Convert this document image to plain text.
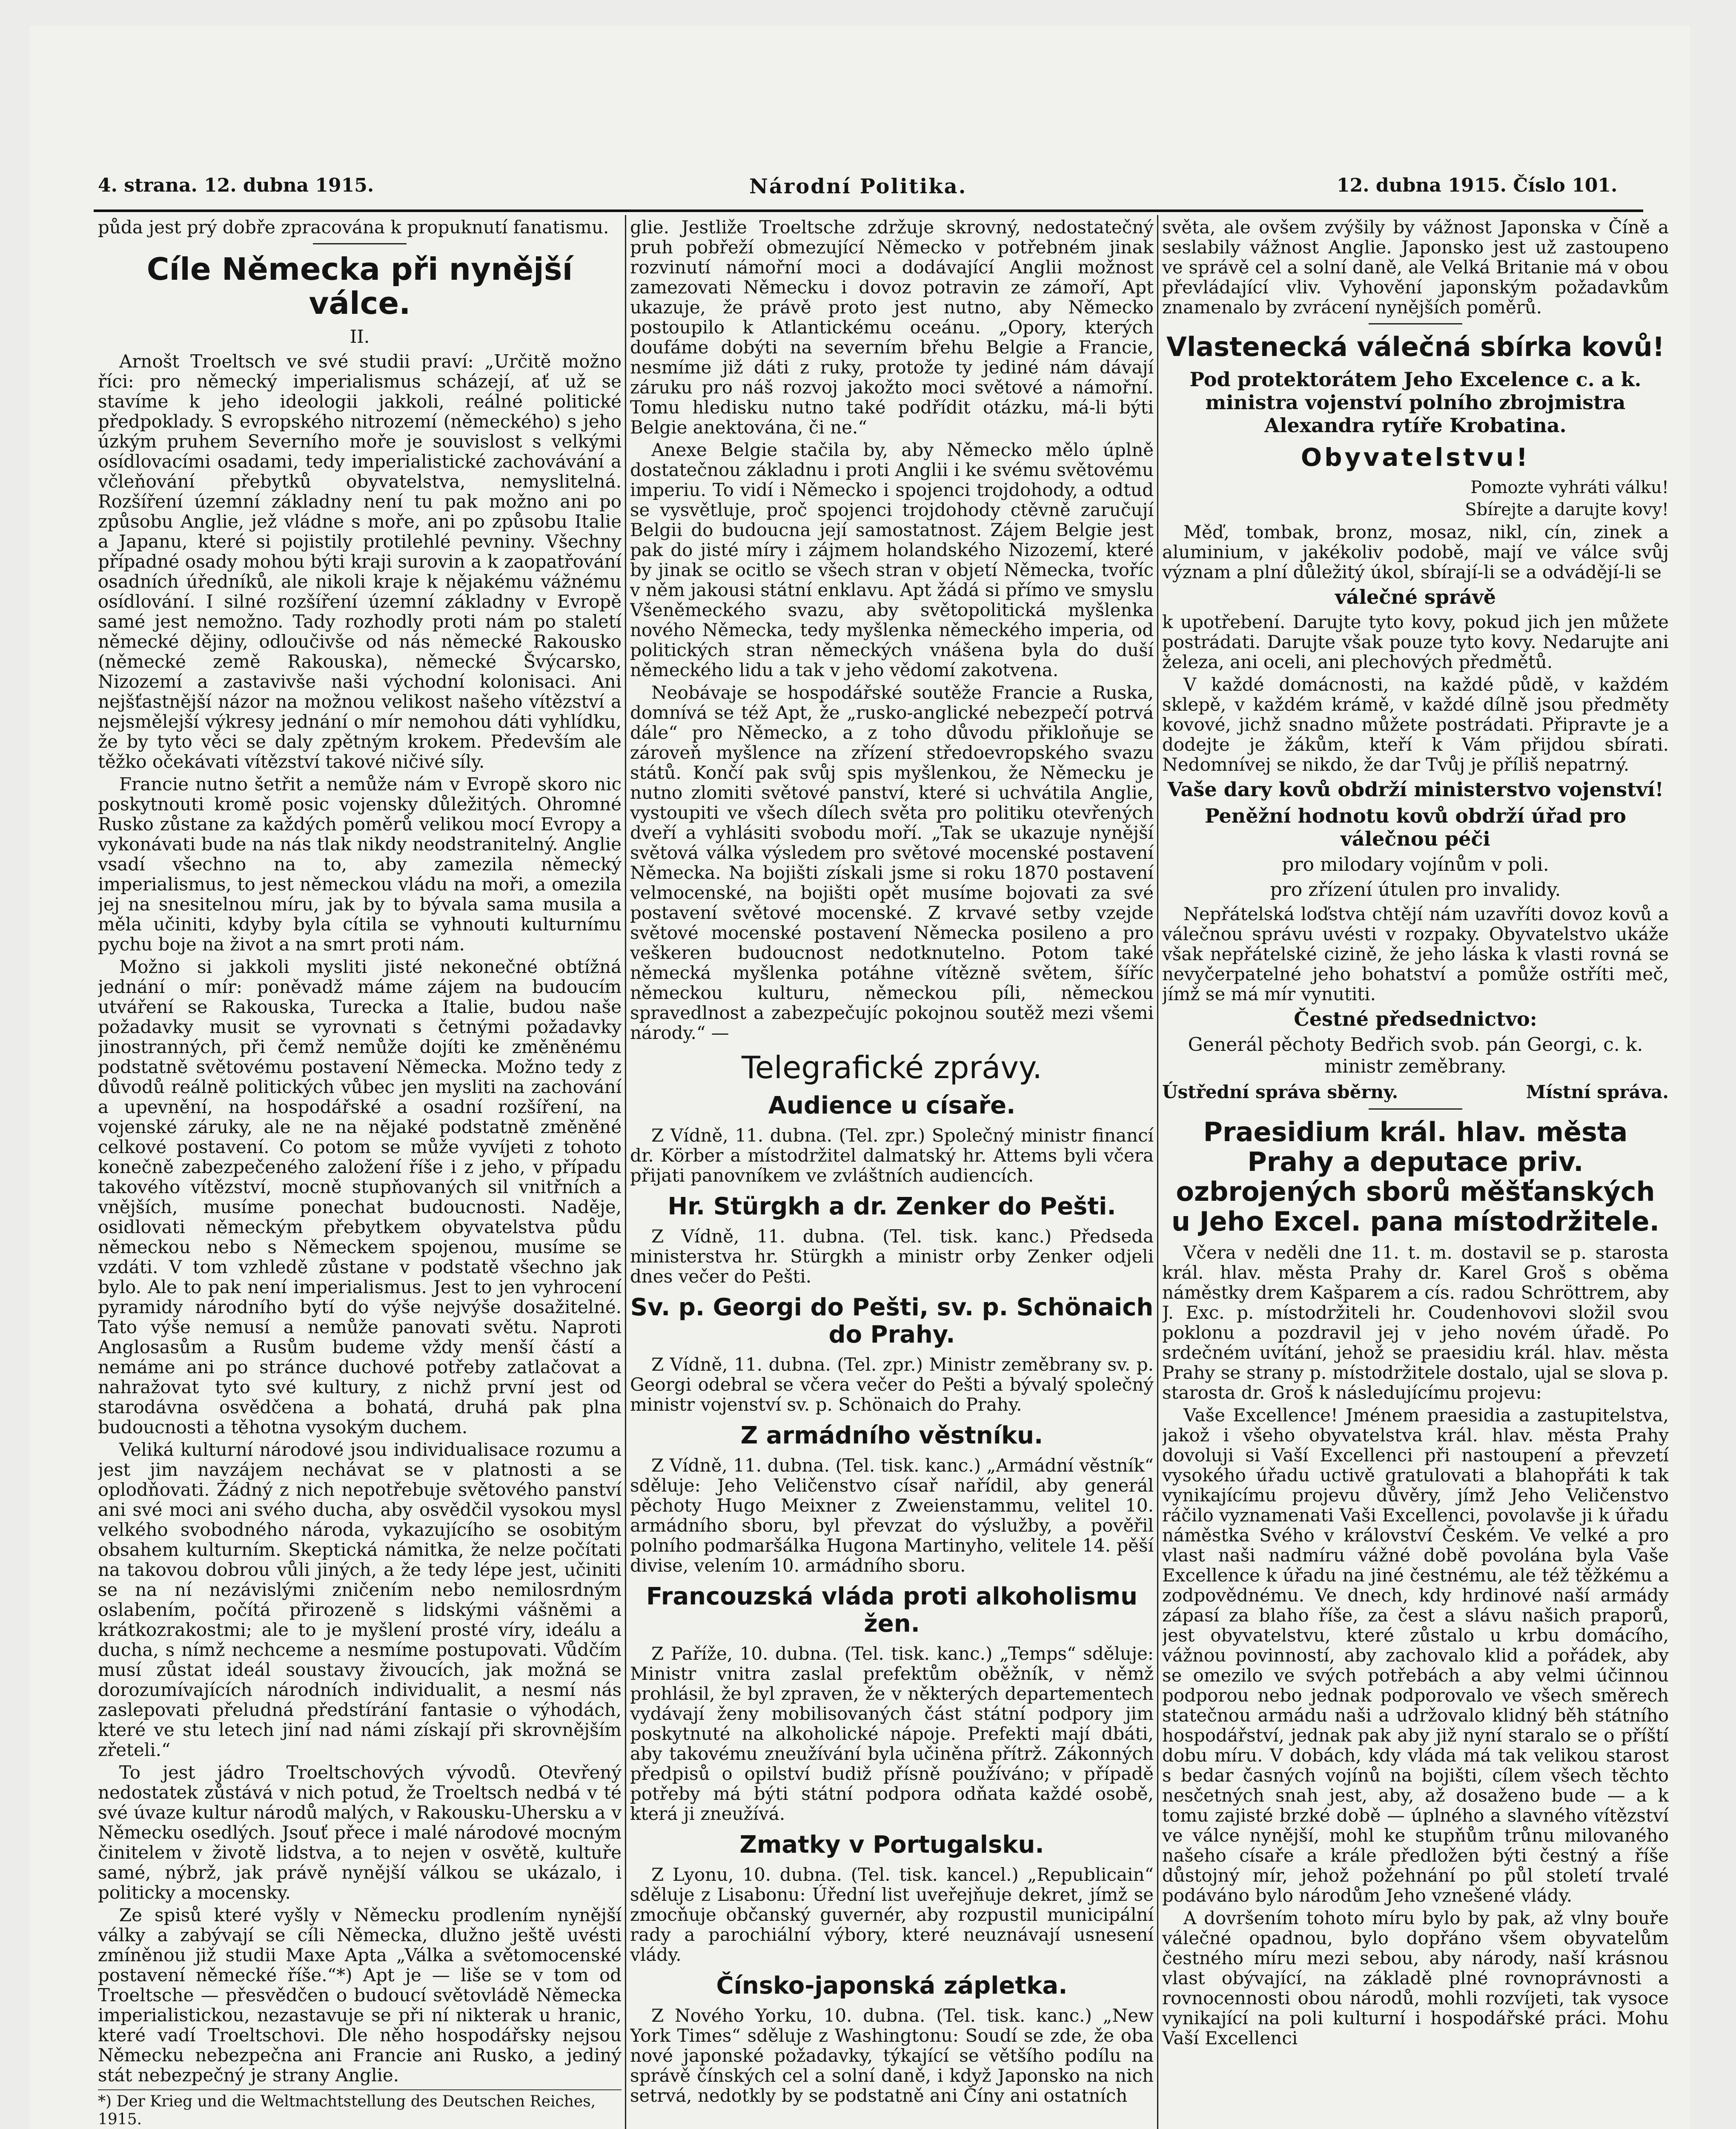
4. strana. 12. dubna 1915.	Národní Politika.	12. dubna 1915. Číslo 101.

půda jest prý dobře zpracována k propuknutí fanatismu.

Cíle Německa při nynější válce.
II.

Arnošt Troeltsch ve své studii praví: „Určitě možno říci: pro německý imperialismus scházejí, ať už se stavíme k jeho ideologii jakkoli, reálné politické předpoklady. S evropského nitrozemí (německého) s jeho úzkým pruhem Severního moře je souvislost s velkými osídlovacími osadami, tedy imperialistické zachovávání a včleňování přebytků obyvatelstva, nemyslitelná. Rozšíření územní základny není tu pak možno ani po způsobu Anglie, jež vládne s moře, ani po způsobu Italie a Japanu, které si pojistily protilehlé pevniny. Všechny případné osady mohou býti kraji surovin a k zaopatřování osadních úředníků, ale nikoli kraje k nějakému vážnému osídlování. I silné rozšíření územní základny v Evropě samé jest nemožno. Tady rozhodly proti nám po staletí německé dějiny, odloučivše od nás německé Rakousko (německé země Rakouska), německé Švýcarsko, Nizozemí a zastavivše naši východní kolonisaci. Ani nejšťastnější názor na možnou velikost našeho vítězství a nejsmělejší výkresy jednání o mír nemohou dáti vyhlídku, že by tyto věci se daly zpětným krokem. Především ale těžko očekávati vítězství takové ničivé síly.

Francie nutno šetřit a nemůže nám v Evropě skoro nic poskytnouti kromě posic vojensky důležitých. Ohromné Rusko zůstane za každých poměrů velikou mocí Evropy a vykonávati bude na nás tlak nikdy neodstranitelný. Anglie vsadí všechno na to, aby zamezila německý imperialismus, to jest německou vládu na moři, a omezila jej na snesitelnou míru, jak by to bývala sama musila a měla učiniti, kdyby byla cítila se vyhnouti kulturnímu pychu boje na život a na smrt proti nám.

Možno si jakkoli mysliti jisté nekonečné obtížná jednání o mír: poněvadž máme zájem na budoucím utváření se Rakouska, Turecka a Italie, budou naše požadavky musit se vyrovnati s četnými požadavky jinostranných, při čemž nemůže dojíti ke změněnému podstatně světovému postavení Německa. Možno tedy z důvodů reálně politických vůbec jen mysliti na zachování a upevnění, na hospodářské a osadní rozšíření, na vojenské záruky, ale ne na nějaké podstatně změněné celkové postavení. Co potom se může vyvíjeti z tohoto konečně zabezpečeného založení říše i z jeho, v případu takového vítězství, mocně stupňovaných sil vnitřních a vnějších, musíme ponechat budoucnosti. Naděje, osidlovati německým přebytkem obyvatelstva půdu německou nebo s Německem spojenou, musíme se vzdáti. V tom vzhledě zůstane v podstatě všechno jak bylo. Ale to pak není imperialismus. Jest to jen vyhrocení pyramidy národního bytí do výše nejvýše dosažitelné. Tato výše nemusí a nemůže panovati světu. Naproti Anglosasům a Rusům budeme vždy menší částí a nemáme ani po stránce duchové potřeby zatlačovat a nahražovat tyto své kultury, z nichž první jest od starodávna osvědčena a bohatá, druhá pak plna budoucnosti a těhotna vysokým duchem.

Veliká kulturní národové jsou individualisace rozumu a jest jim navzájem nechávat se v platnosti a se oplodňovati. Žádný z nich nepotřebuje světového panství ani své moci ani svého ducha, aby osvědčil vysokou mysl velkého svobodného národa, vykazujícího se osobitým obsahem kulturním. Skeptická námitka, že nelze počítati na takovou dobrou vůli jiných, a že tedy lépe jest, učiniti se na ní nezávislými zničením nebo nemilosrdným oslabením, počítá přirozeně s lidskými vášněmi a krátkozrakostmi; ale to je myšlení prosté víry, ideálu a ducha, s nímž nechceme a nesmíme postupovati. Vůdčím musí zůstat ideál soustavy živoucích, jak možná se dorozumívajících národních individualit, a nesmí nás zaslepovati přeludná předstírání fantasie o výhodách, které ve stu letech jiní nad námi získají při skrovnějším zřeteli.“

To jest jádro Troeltschových vývodů. Otevřený nedostatek zůstává v nich potud, že Troeltsch nedbá v té své úvaze kultur národů malých, v Rakousku-Uhersku a v Německu osedlých. Jsouť přece i malé národové mocným činitelem v životě lidstva, a to nejen v osvětě, kultuře samé, nýbrž, jak právě nynější válkou se ukázalo, i politicky a mocensky.

Ze spisů které vyšly v Německu prodlením nynější války a zabývají se cíli Německa, dlužno ještě uvésti zmíněnou již studii Maxe Apta „Válka a světomocenské postavení německé říše.“*) Apt je — liše se v tom od Troeltsche — přesvědčen o budoucí světovládě Německa imperialistickou, nezastavuje se při ní nikterak u hranic, které vadí Troeltschovi. Dle něho hospodářsky nejsou Německu nebezpečna ani Francie ani Rusko, a jediný stát nebezpečný je strany Anglie.

*) Der Krieg und die Weltmachtstellung des Deutschen Reiches, 1915.

glie. Jestliže Troeltsche zdržuje skrovný, nedostatečný pruh pobřeží obmezující Německo v potřebném jinak rozvinutí námořní moci a dodávající Anglii možnost zamezovati Německu i dovoz potravin ze zámoří, Apt ukazuje, že právě proto jest nutno, aby Německo postoupilo k Atlantickému oceánu. „Opory, kterých doufáme dobýti na severním břehu Belgie a Francie, nesmíme již dáti z ruky, protože ty jediné nám dávají záruku pro náš rozvoj jakožto moci světové a námořní. Tomu hledisku nutno také podřídit otázku, má-li býti Belgie anektována, či ne.“

Anexe Belgie stačila by, aby Německo mělo úplně dostatečnou základnu i proti Anglii i ke svému světovému imperiu. To vidí i Německo i spojenci trojdohody, a odtud se vysvětluje, proč spojenci trojdohody ctěvně zaručují Belgii do budoucna její samostatnost. Zájem Belgie jest pak do jisté míry i zájmem holandského Nizozemí, které by jinak se ocitlo se všech stran v objetí Německa, tvoříc v něm jakousi státní enklavu. Apt žádá si přímo ve smyslu Všeněmeckého svazu, aby světopolitická myšlenka nového Německa, tedy myšlenka německého imperia, od politických stran německých vnášena byla do duší německého lidu a tak v jeho vědomí zakotvena.

Neobávaje se hospodářské soutěže Francie a Ruska, domnívá se též Apt, že „rusko-anglické nebezpečí potrvá dále“ pro Německo, a z toho důvodu přikloňuje se zároveň myšlence na zřízení středoevropského svazu států. Končí pak svůj spis myšlenkou, že Německu je nutno zlomiti světové panství, které si uchvátila Anglie, vystoupiti ve všech dílech světa pro politiku otevřených dveří a vyhlásiti svobodu moří. „Tak se ukazuje nynější světová válka výsledem pro světové mocenské postavení Německa. Na bojišti získali jsme si roku 1870 postavení velmocenské, na bojišti opět musíme bojovati za své postavení světové mocenské. Z krvavé setby vzejde světové mocenské postavení Německa posileno a pro veškeren budoucnost nedotknutelno. Potom také německá myšlenka potáhne vítězně světem, šíříc německou kulturu, německou píli, německou spravedlnost a zabezpečujíc pokojnou soutěž mezi všemi národy.“ —

Telegrafické zprávy.
Audience u císaře.

Z Vídně, 11. dubna. (Tel. zpr.) Společný ministr financí dr. Körber a místodržitel dalmatský hr. Attems byli včera přijati panovníkem ve zvláštních audiencích.

Hr. Stürgkh a dr. Zenker do Pešti.

Z Vídně, 11. dubna. (Tel. tisk. kanc.) Předseda ministerstva hr. Stürgkh a ministr orby Zenker odjeli dnes večer do Pešti.

Sv. p. Georgi do Pešti, sv. p. Schönaich do Prahy.

Z Vídně, 11. dubna. (Tel. zpr.) Ministr zeměbrany sv. p. Georgi odebral se včera večer do Pešti a bývalý společný ministr vojenství sv. p. Schönaich do Prahy.

Z armádního věstníku.

Z Vídně, 11. dubna. (Tel. tisk. kanc.) „Armádní věstník“ sděluje: Jeho Veličenstvo císař nařídil, aby generál pěchoty Hugo Meixner z Zweienstammu, velitel 10. armádního sboru, byl převzat do výslužby, a pověřil polního podmaršálka Hugona Martinyho, velitele 14. pěší divise, velením 10. armádního sboru.

Francouzská vláda proti alkoholismu žen.

Z Paříže, 10. dubna. (Tel. tisk. kanc.) „Temps“ sděluje: Ministr vnitra zaslal prefektům oběžník, v němž prohlásil, že byl zpraven, že v některých departementech vydávají ženy mobilisovaných část státní podpory jim poskytnuté na alkoholické nápoje. Prefekti mají dbáti, aby takovému zneužívání byla učiněna přítrž. Zákonných předpisů o opilství budiž přísně používáno; v případě potřeby má býti státní podpora odňata každé osobě, která ji zneužívá.

Zmatky v Portugalsku.

Z Lyonu, 10. dubna. (Tel. tisk. kancel.) „Republicain“ sděluje z Lisabonu: Úřední list uveřejňuje dekret, jímž se zmocňuje občanský guvernér, aby rozpustil municipální rady a parochiální výbory, které neuznávají usnesení vlády.

Čínsko-japonská zápletka.

Z Nového Yorku, 10. dubna. (Tel. tisk. kanc.) „New York Times“ sděluje z Washingtonu: Soudí se zde, že oba nové japonské požadavky, týkající se většího podílu na správě čínských cel a solní daně, i když Japonsko na nich setrvá, nedotkly by se podstatně ani Číny ani ostatních

světa, ale ovšem zvýšily by vážnost Japonska v Číně a seslabily vážnost Anglie. Japonsko jest už zastoupeno ve správě cel a solní daně, ale Velká Britanie má v obou převládající vliv. Vyhovění japonským požadavkům znamenalo by zvrácení nynějších poměrů.

Vlastenecká válečná sbírka kovů!
Pod protektorátem Jeho Excelence c. a k. ministra vojenství polního zbrojmistra Alexandra rytíře Krobatina.
Obyvatelstvu!
Pomozte vyhráti válku!
Sbírejte a darujte kovy!

Měď, tombak, bronz, mosaz, nikl, cín, zinek a aluminium, v jakékoliv podobě, mají ve válce svůj význam a plní důležitý úkol, sbírají-li se a odvádějí-li se

válečné správě

k upotřebení. Darujte tyto kovy, pokud jich jen můžete postrádati. Darujte však pouze tyto kovy. Nedarujte ani železa, ani oceli, ani plechových předmětů.

V každé domácnosti, na každé půdě, v každém sklepě, v každém krámě, v každé dílně jsou předměty kovové, jichž snadno můžete postrádati. Připravte je a dodejte je žákům, kteří k Vám přijdou sbírati. Nedomnívej se nikdo, že dar Tvůj je příliš nepatrný.

Vaše dary kovů obdrží ministerstvo vojenství!
Peněžní hodnotu kovů obdrží úřad pro válečnou péči
pro milodary vojínům v poli.
pro zřízení útulen pro invalidy.

Nepřátelská loďstva chtějí nám uzavříti dovoz kovů a válečnou správu uvésti v rozpaky. Obyvatelstvo ukáže však nepřátelské cizině, že jeho láska k vlasti rovná se nevyčerpatelné jeho bohatství a pomůže ostříti meč, jímž se má mír vynutiti.

Čestné předsednictvo:
Generál pěchoty Bedřich svob. pán Georgi, c. k. ministr zeměbrany.
Ústřední správa sběrny.	Místní správa.
Praesidium král. hlav. města Prahy a deputace priv. ozbrojených sborů měšťanských u Jeho Excel. pana místodržitele.

Včera v neděli dne 11. t. m. dostavil se p. starosta král. hlav. města Prahy dr. Karel Groš s oběma náměstky drem Kašparem a cís. radou Schröttrem, aby J. Exc. p. místodržiteli hr. Coudenhovovi složil svou poklonu a pozdravil jej v jeho novém úřadě. Po srdečném uvítání, jehož se praesidiu král. hlav. města Prahy se strany p. místodržitele dostalo, ujal se slova p. starosta dr. Groš k následujícímu projevu:

Vaše Excellence! Jménem praesidia a zastupitelstva, jakož i všeho obyvatelstva král. hlav. města Prahy dovoluji si Vaší Excellenci při nastoupení a převzetí vysokého úřadu uctivě gratulovati a blahopřáti k tak vynikajícímu projevu důvěry, jímž Jeho Veličenstvo ráčilo vyznamenati Vaši Excellenci, povolavše ji k úřadu náměstka Svého v království Českém. Ve velké a pro vlast naši nadmíru vážné době povolána byla Vaše Excellence k úřadu na jiné čestnému, ale též těžkému a zodpovědnému. Ve dnech, kdy hrdinové naší armády zápasí za blaho říše, za čest a slávu našich praporů, jest obyvatelstvu, které zůstalo u krbu domácího, vážnou povinností, aby zachovalo klid a pořádek, aby se omezilo ve svých potřebách a aby velmi účinnou podporou nebo jednak podporovalo ve všech směrech statečnou armádu naši a udržovalo klidný běh státního hospodářství, jednak pak aby již nyní staralo se o příští dobu míru. V dobách, kdy vláda má tak velikou starost s bedar časných vojínů na bojišti, cílem všech těchto nesčetných snah jest, aby, až dosaženo bude — a k tomu zajisté brzké době — úplného a slavného vítězství ve válce nynější, mohl ke stupňům trůnu milovaného našeho císaře a krále předložen býti čestný a říše důstojný mír, jehož požehnání po půl století trvalé podáváno bylo národům Jeho vznešené vlády.

A dovršením tohoto míru bylo by pak, až vlny bouře válečné opadnou, bylo dopřáno všem obyvatelům čestného míru mezi sebou, aby národy, naší krásnou vlast obývající, na základě plné rovnoprávnosti a rovnocennosti obou národů, mohli rozvíjeti, tak vysoce vynikající na poli kulturní i hospodářské práci. Mohu Vaší Excellenci
